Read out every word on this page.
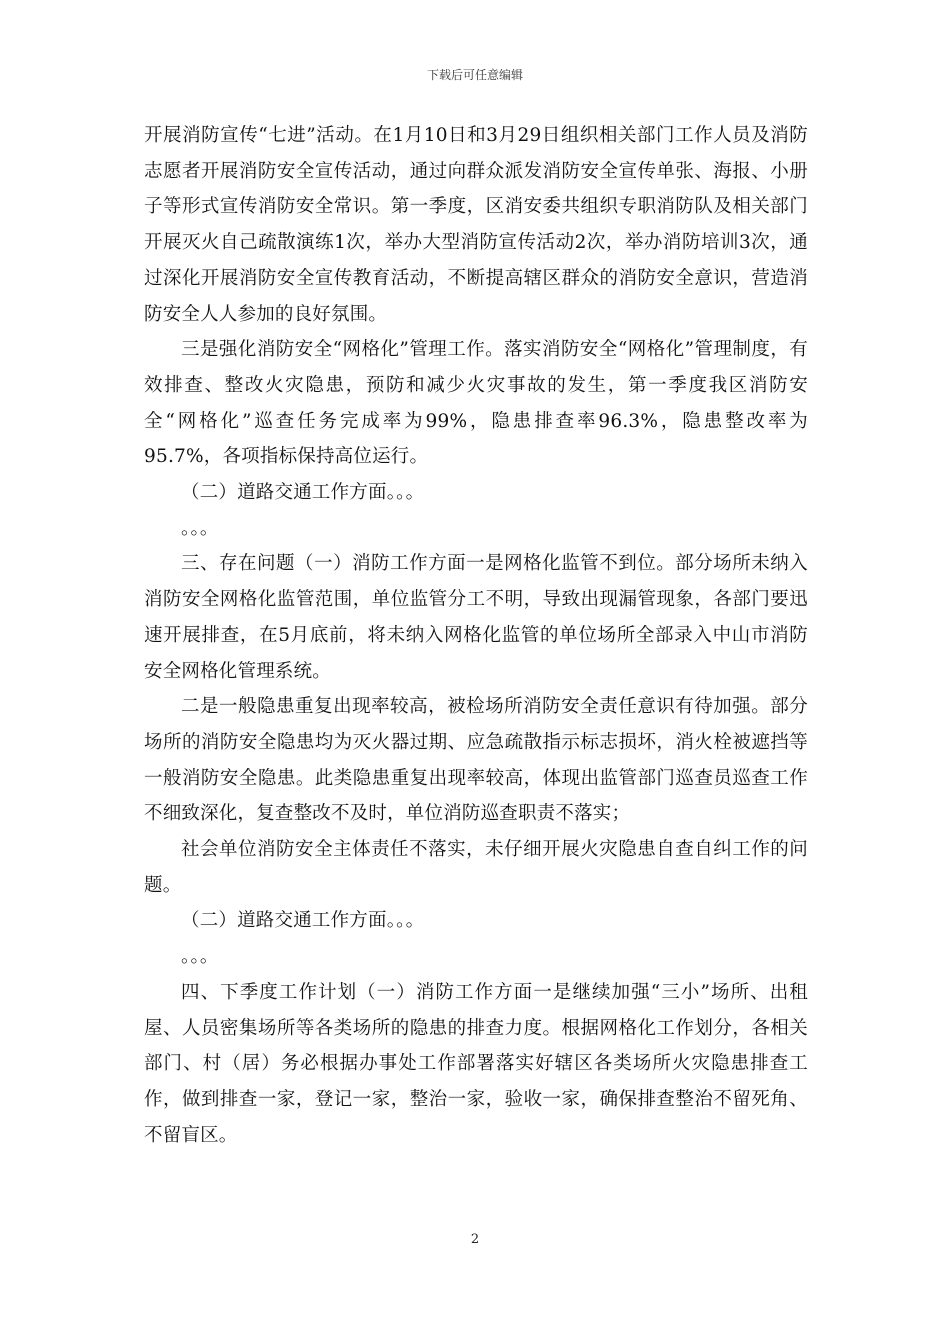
下载后可任意编辑

开展消防宣传“七进”活动。在1月10日和3月29日组织相关部门工作人员及消防志愿者开展消防安全宣传活动，通过向群众派发消防安全宣传单张、海报、小册子等形式宣传消防安全常识。第一季度，区消安委共组织专职消防队及相关部门开展灭火自己疏散演练1次，举办大型消防宣传活动2次，举办消防培训3次，通过深化开展消防安全宣传教育活动，不断提高辖区群众的消防安全意识，营造消防安全人人参加的良好氛围。

三是强化消防安全“网格化”管理工作。落实消防安全“网格化”管理制度，有效排查、整改火灾隐患，预防和减少火灾事故的发生，第一季度我区消防安全“网格化”巡查任务完成率为99%，隐患排查率96.3%，隐患整改率为95.7%，各项指标保持高位运行。

（二）道路交通工作方面。。。

。。。

三、存在问题（一）消防工作方面一是网格化监管不到位。部分场所未纳入消防安全网格化监管范围，单位监管分工不明，导致出现漏管现象，各部门要迅速开展排查，在5月底前，将未纳入网格化监管的单位场所全部录入中山市消防安全网格化管理系统。

二是一般隐患重复出现率较高，被检场所消防安全责任意识有待加强。部分场所的消防安全隐患均为灭火器过期、应急疏散指示标志损坏，消火栓被遮挡等一般消防安全隐患。此类隐患重复出现率较高，体现出监管部门巡查员巡查工作不细致深化，复查整改不及时，单位消防巡查职责不落实；

社会单位消防安全主体责任不落实，未仔细开展火灾隐患自查自纠工作的问题。

（二）道路交通工作方面。。。

。。。

四、下季度工作计划（一）消防工作方面一是继续加强“三小”场所、出租屋、人员密集场所等各类场所的隐患的排查力度。根据网格化工作划分，各相关部门、村（居）务必根据办事处工作部署落实好辖区各类场所火灾隐患排查工作，做到排查一家，登记一家，整治一家，验收一家，确保排查整治不留死角、不留盲区。

2
